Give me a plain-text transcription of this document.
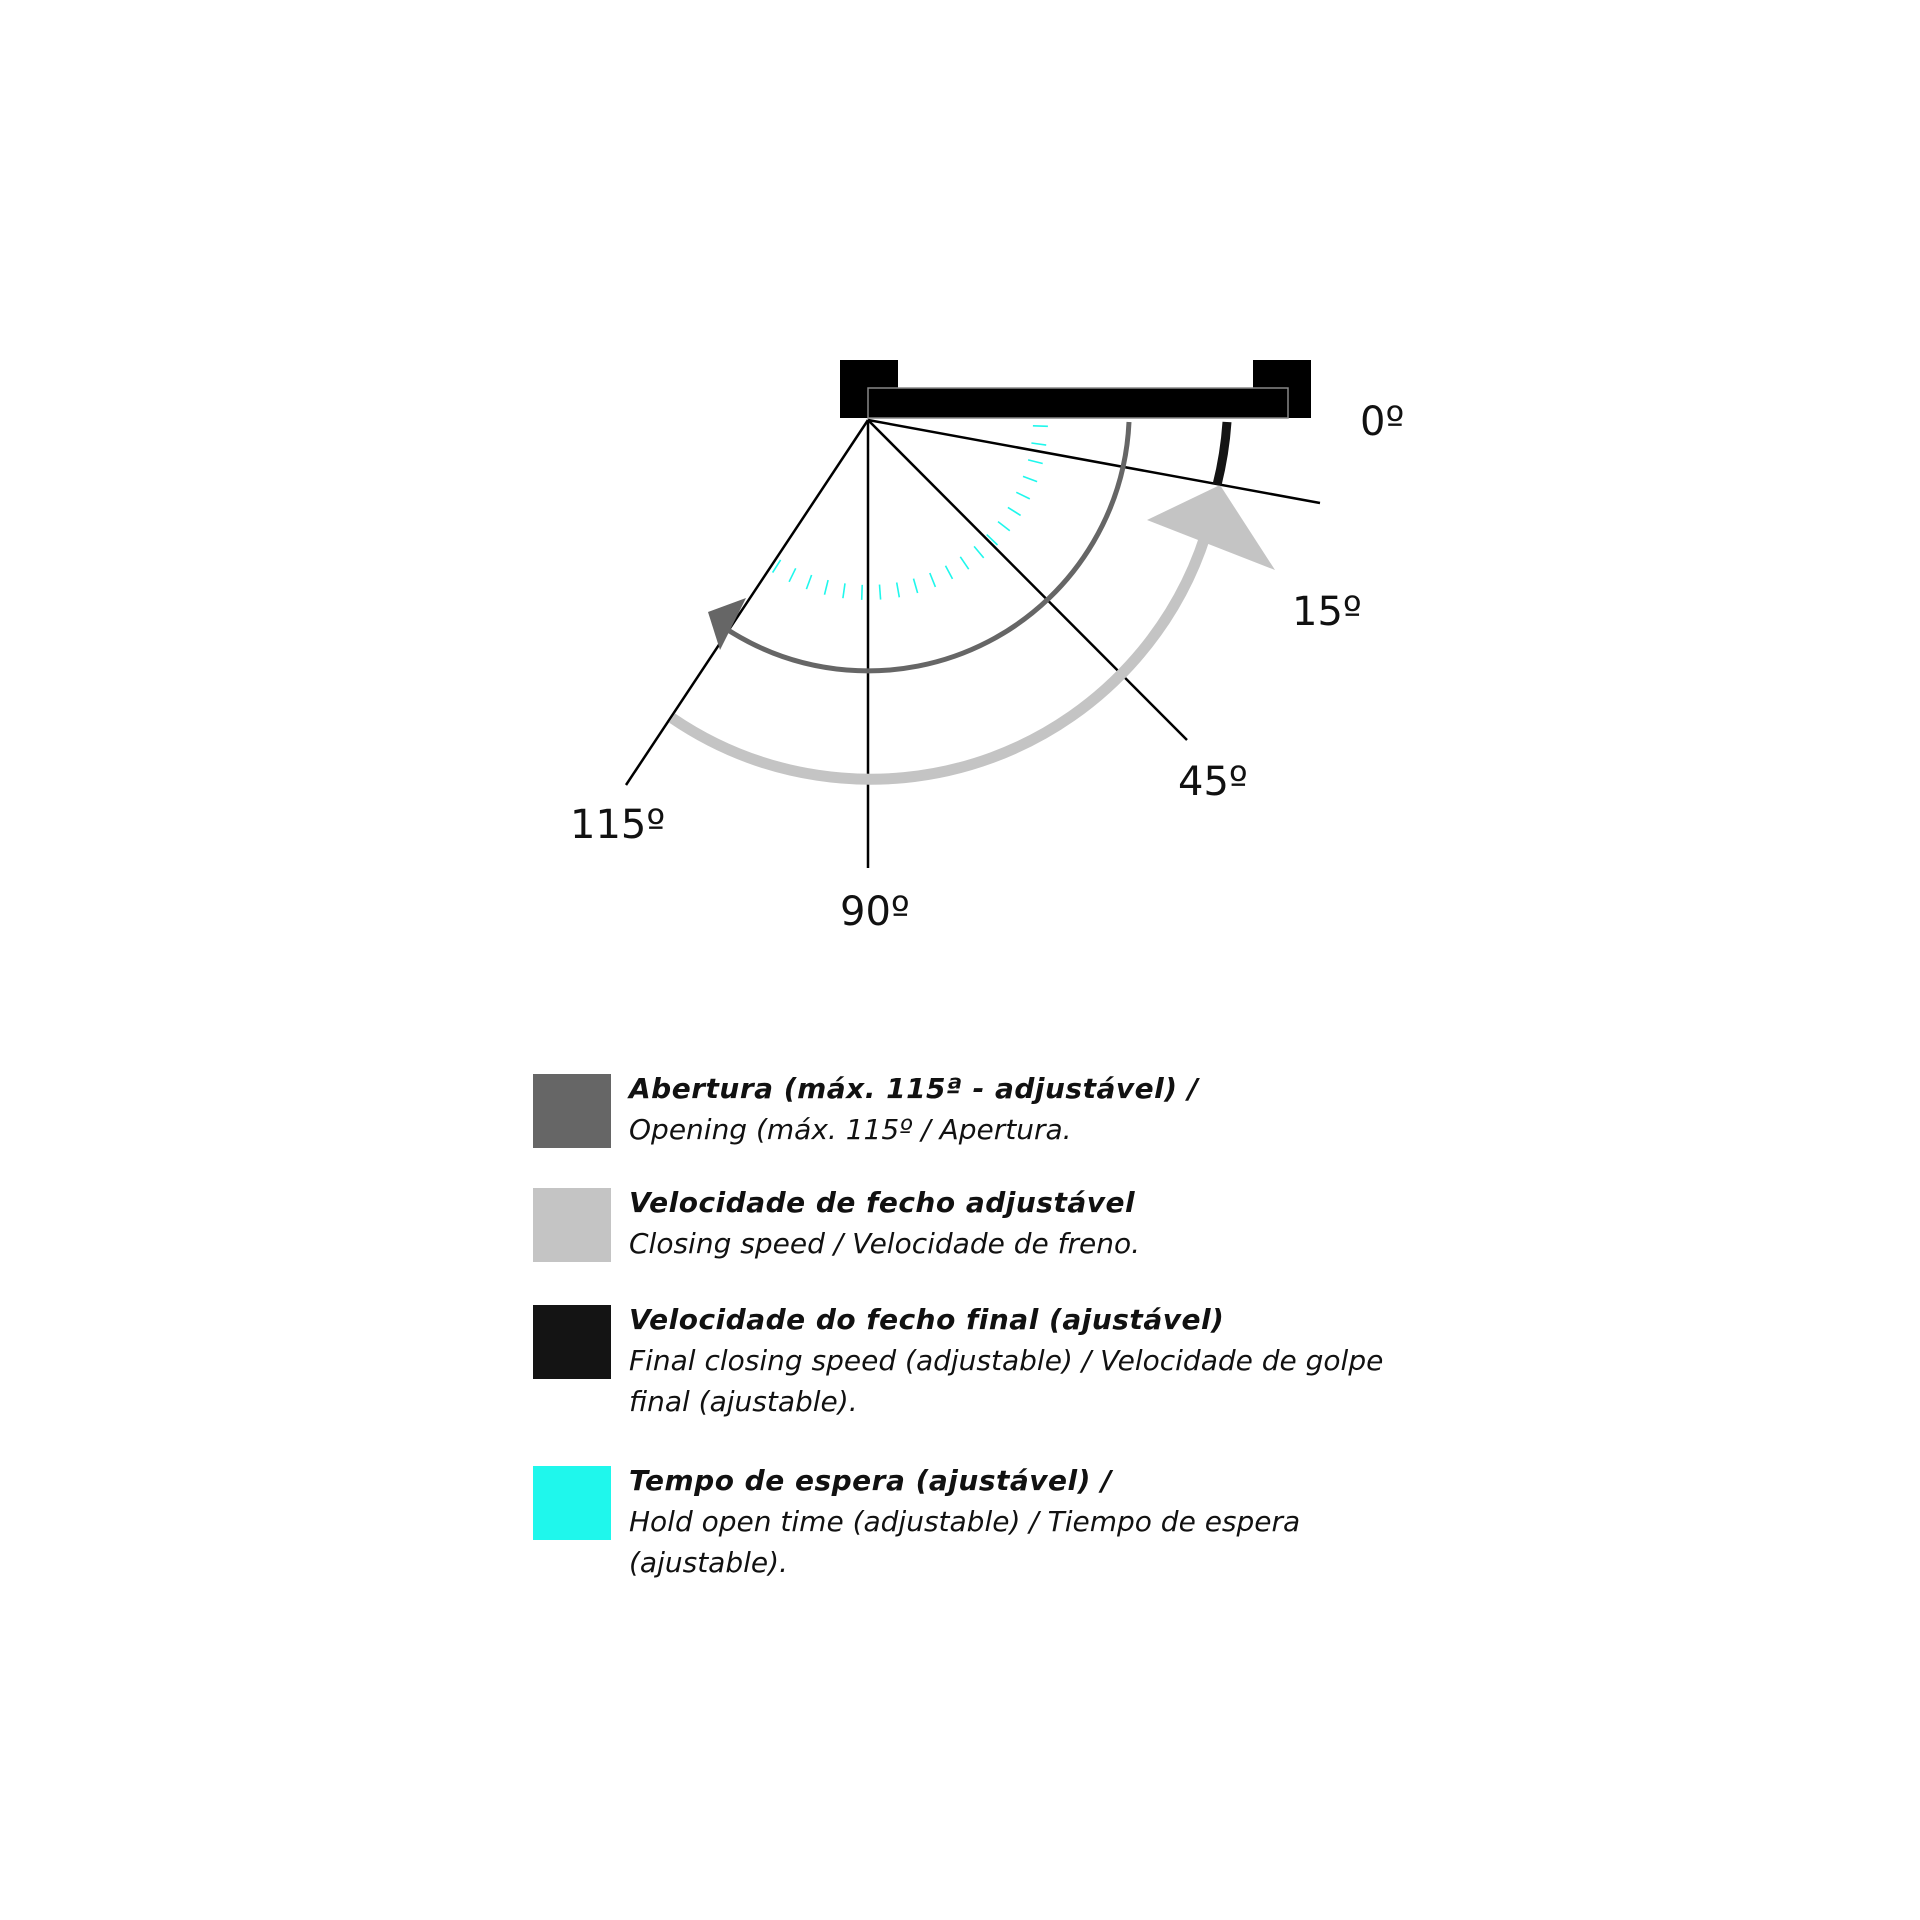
0º
15º
45º
90º
115º
Abertura (máx. 115ª - adjustável) /
Opening (máx. 115º / Apertura.
Velocidade de fecho adjustável
Closing speed / Velocidade de freno.
Velocidade do fecho final (ajustável)
Final closing speed (adjustable) / Velocidade de golpe final (ajustable).
Tempo de espera (ajustável) /
Hold open time (adjustable) / Tiempo de espera (ajustable).
